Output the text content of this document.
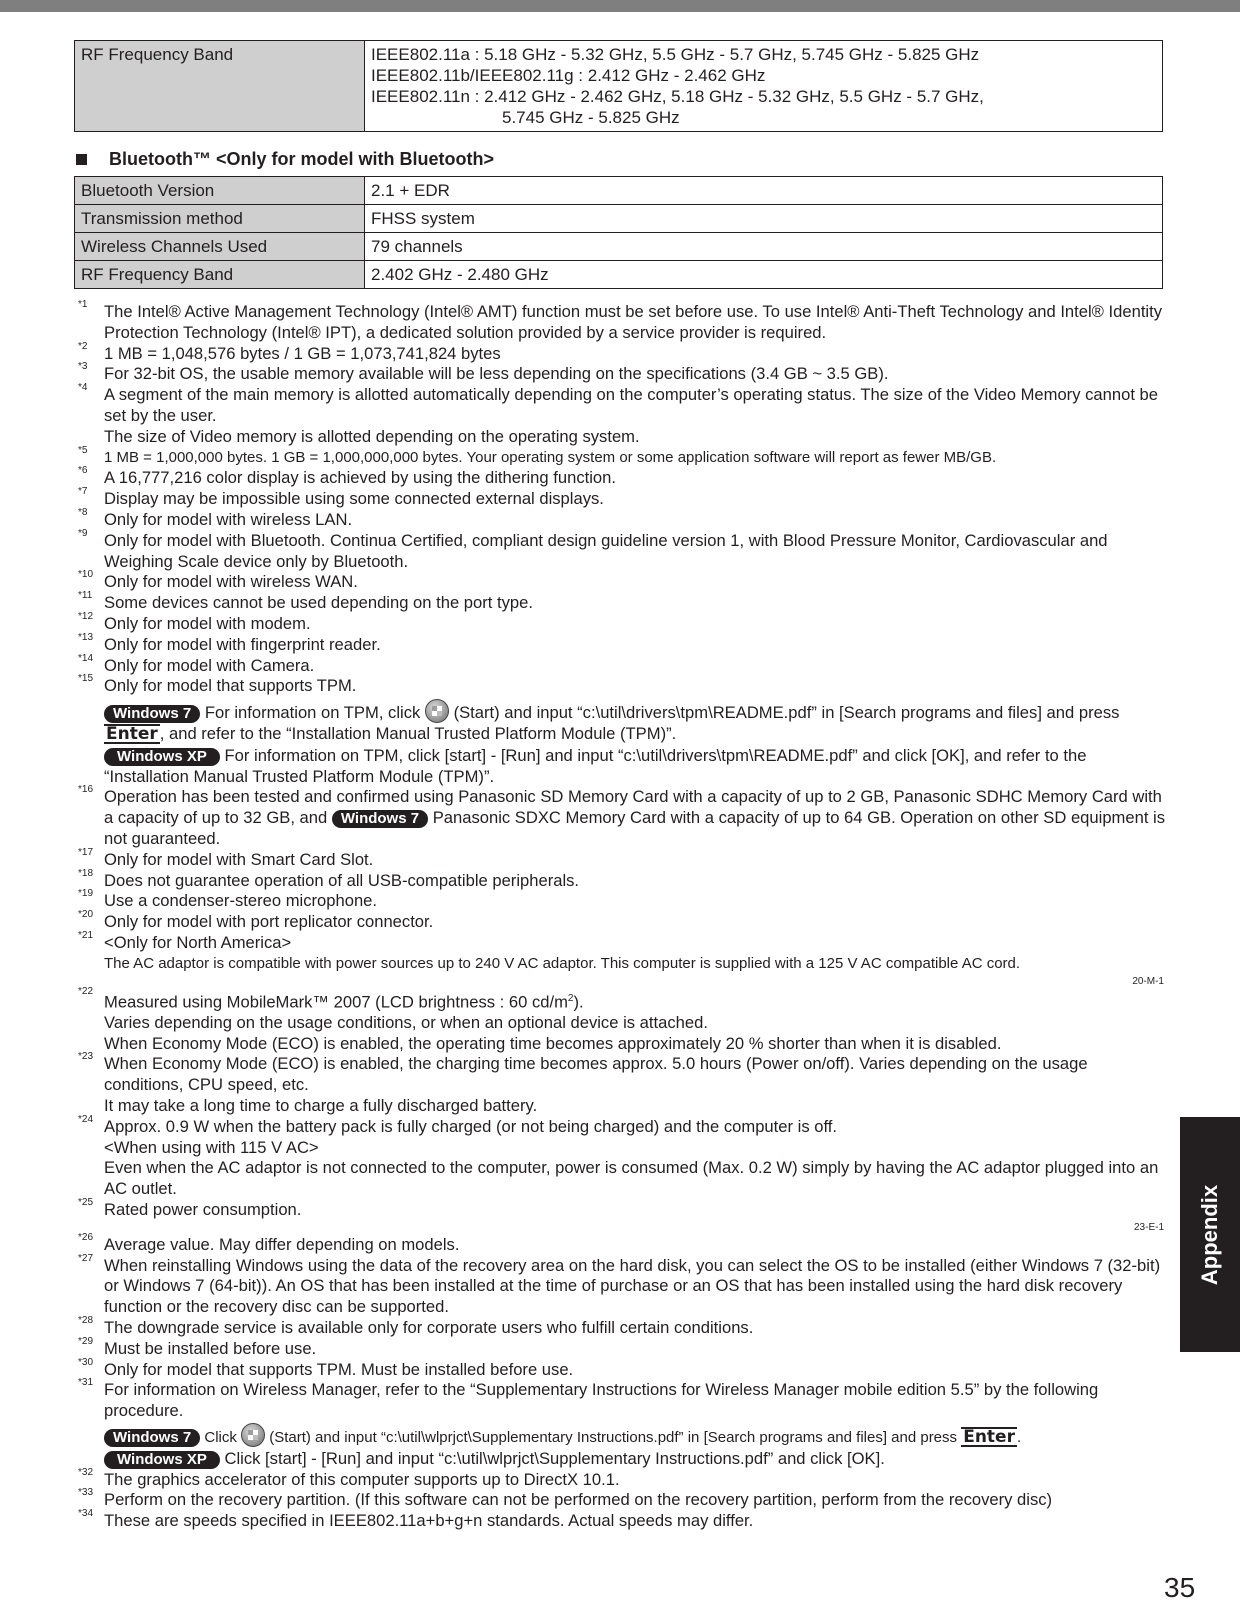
RF Frequency Band	IEEE802.11a : 5.18 GHz - 5.32 GHz, 5.5 GHz - 5.7 GHz, 5.745 GHz - 5.825 GHz
IEEE802.11b/IEEE802.11g : 2.412 GHz - 2.462 GHz
IEEE802.11n : 2.412 GHz - 2.462 GHz, 5.18 GHz - 5.32 GHz, 5.5 GHz - 5.7 GHz,
5.745 GHz - 5.825 GHz
Bluetooth™ <Only for model with Bluetooth>
Bluetooth Version	2.1 + EDR
Transmission method	FHSS system
Wireless Channels Used	79 channels
RF Frequency Band	2.402 GHz - 2.480 GHz
*1 The Intel® Active Management Technology (Intel® AMT) function must be set before use. To use Intel® Anti-Theft Technology and Intel® Identity Protection Technology (Intel® IPT), a dedicated solution provided by a service provider is required.
*2 1 MB = 1,048,576 bytes / 1 GB = 1,073,741,824 bytes
*3 For 32-bit OS, the usable memory available will be less depending on the specifications (3.4 GB ~ 3.5 GB).
*4 A segment of the main memory is allotted automatically depending on the computer’s operating status. The size of the Video Memory cannot be set by the user.
The size of Video memory is allotted depending on the operating system.
*5	1 MB = 1,000,000 bytes. 1 GB = 1,000,000,000 bytes. Your operating system or some application software will report as fewer MB/GB.
*6 A 16,777,216 color display is achieved by using the dithering function.
*7 Display may be impossible using some connected external displays.
*8 Only for model with wireless LAN.
*9 Only for model with Bluetooth. Continua Certified, compliant design guideline version 1, with Blood Pressure Monitor, Cardiovascular and Weighing Scale device only by Bluetooth.
*10 Only for model with wireless WAN.
*11 Some devices cannot be used depending on the port type.
*12 Only for model with modem.
*13 Only for model with fingerprint reader.
*14 Only for model with Camera.
*15 Only for model that supports TPM.
Windows 7 For information on TPM, click (Start) and input “c:\util\drivers\tpm\README.pdf” in [Search programs and files] and press Enter , and refer to the “Installation Manual Trusted Platform Module (TPM)”.
Windows XP For information on TPM, click [start] - [Run] and input “c:\util\drivers\tpm\README.pdf” and click [OK], and refer to the “Installation Manual Trusted Platform Module (TPM)”.
*16 Operation has been tested and confirmed using Panasonic SD Memory Card with a capacity of up to 2 GB, Panasonic SDHC Memory Card with a capacity of up to 32 GB, and Windows 7 Panasonic SDXC Memory Card with a capacity of up to 64 GB. Operation on other SD equipment is not guaranteed.
*17 Only for model with Smart Card Slot.
*18 Does not guarantee operation of all USB-compatible peripherals.
*19 Use a condenser-stereo microphone.
*20 Only for model with port replicator connector.
*21 <Only for North America>
The AC adaptor is compatible with power sources up to 240 V AC adaptor. This computer is supplied with a 125 V AC compatible AC cord.
20-M-1
*22
Measured using MobileMark™ 2007 (LCD brightness : 60 $cd/m^2$).
Varies depending on the usage conditions, or when an optional device is attached.
When Economy Mode (ECO) is enabled, the operating time becomes approximately 20 % shorter than when it is disabled.
*23 When Economy Mode (ECO) is enabled, the charging time becomes approx. 5.0 hours (Power on/off). Varies depending on the usage conditions, CPU speed, etc.
It may take a long time to charge a fully discharged battery.
*24 Approx. 0.9 W when the battery pack is fully charged (or not being charged) and the computer is off.
<When using with 115 V AC>
Even when the AC adaptor is not connected to the computer, power is consumed (Max. 0.2 W) simply by having the AC adaptor plugged into an AC outlet.
*25 Rated power consumption.
23-E-1
*26 Average value. May differ depending on models.
*27 When reinstalling Windows using the data of the recovery area on the hard disk, you can select the OS to be installed (either Windows 7 (32-bit) or Windows 7 (64-bit)). An OS that has been installed at the time of purchase or an OS that has been installed using the hard disk recovery function or the recovery disc can be supported.
*28 The downgrade service is available only for corporate users who fulfill certain conditions.
*29 Must be installed before use.
*30 Only for model that supports TPM. Must be installed before use.
*31 For information on Wireless Manager, refer to the “Supplementary Instructions for Wireless Manager mobile edition 5.5” by the following procedure.
Windows 7 Click (Start) and input “c:\util\wlprjct\Supplementary Instructions.pdf” in [Search programs and files] and press Enter .
Windows XP Click [start] - [Run] and input “c:\util\wlprjct\Supplementary Instructions.pdf” and click [OK].
*32 The graphics accelerator of this computer supports up to DirectX 10.1.
*33 Perform on the recovery partition. (If this software can not be performed on the recovery partition, perform from the recovery disc)
*34 These are speeds specified in IEEE802.11a+b+g+n standards. Actual speeds may differ.
Appendix
35
